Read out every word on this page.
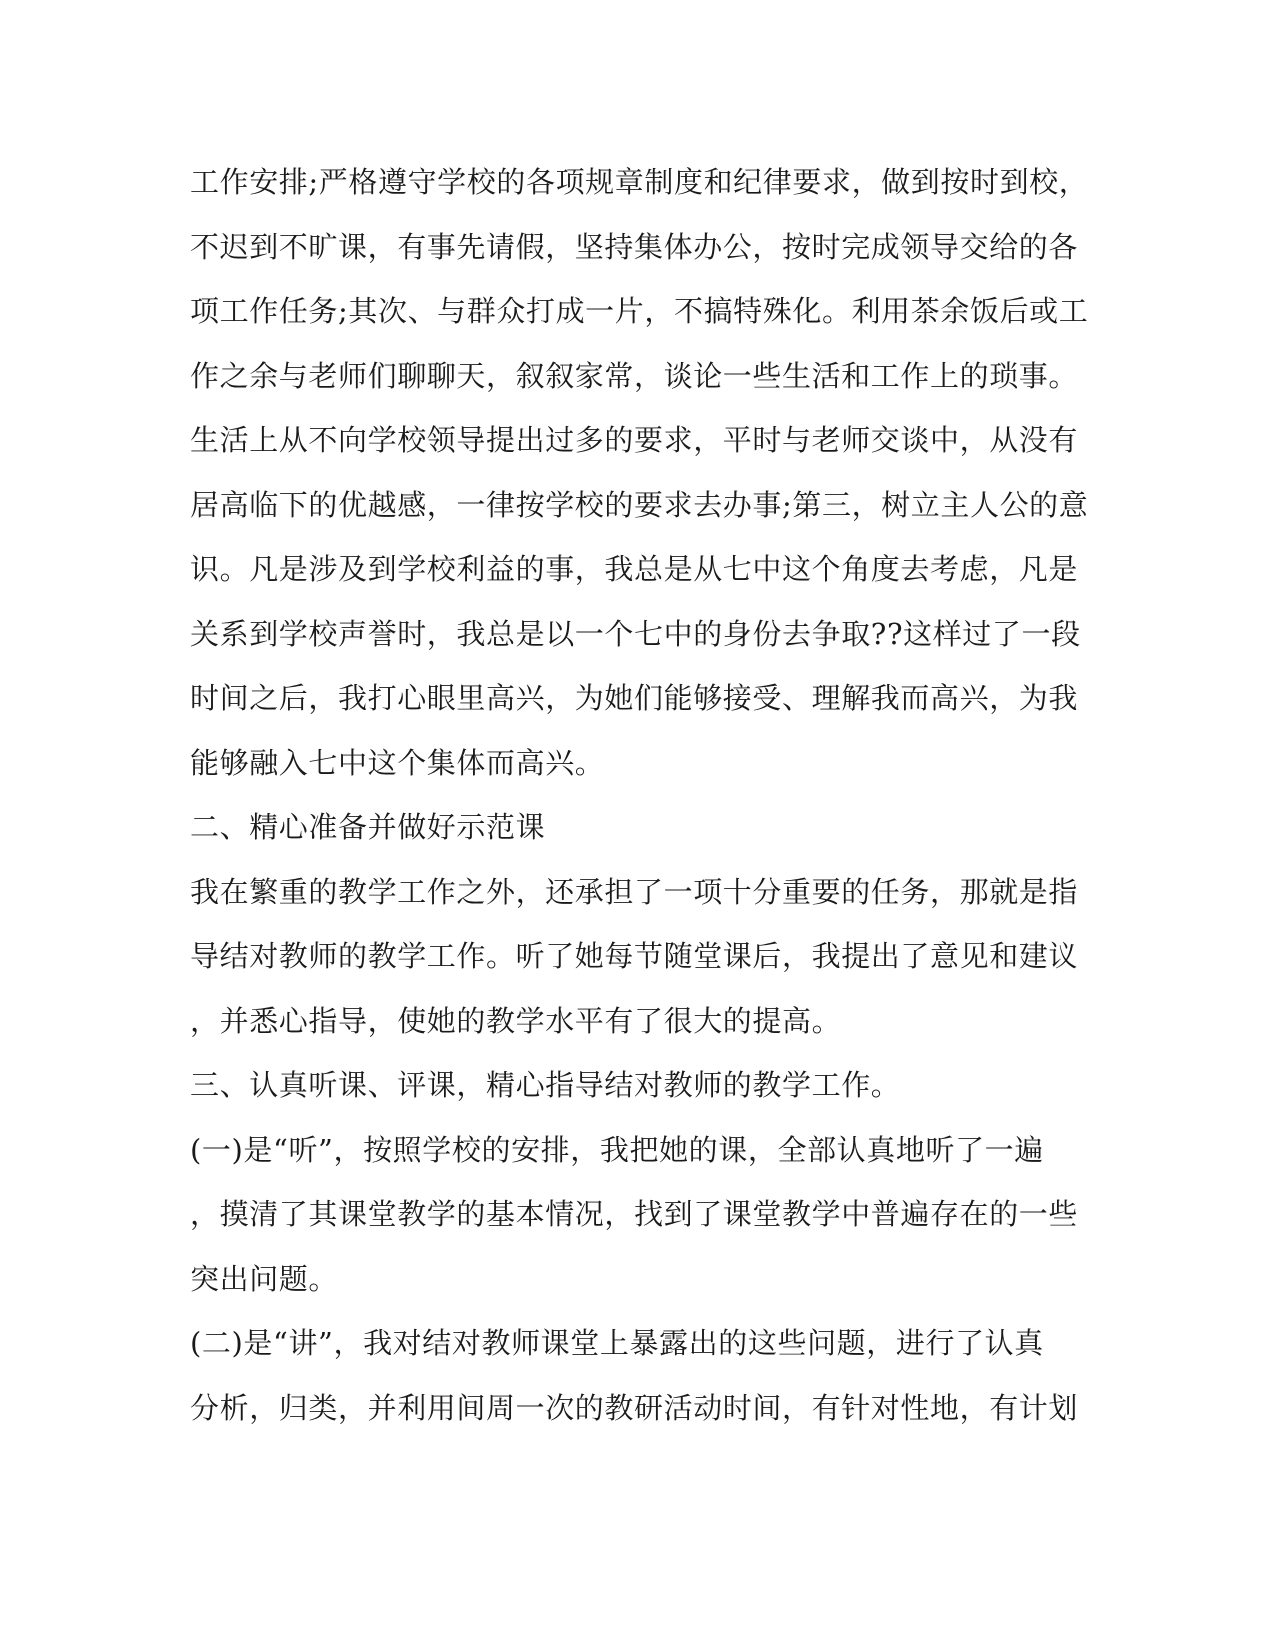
工作安排;严格遵守学校的各项规章制度和纪律要求，做到按时到校，
不迟到不旷课，有事先请假，坚持集体办公，按时完成领导交给的各
项工作任务;其次、与群众打成一片，不搞特殊化。利用茶余饭后或工
作之余与老师们聊聊天，叙叙家常，谈论一些生活和工作上的琐事。
生活上从不向学校领导提出过多的要求，平时与老师交谈中，从没有
居高临下的优越感，一律按学校的要求去办事;第三，树立主人公的意
识。凡是涉及到学校利益的事，我总是从七中这个角度去考虑，凡是
关系到学校声誉时，我总是以一个七中的身份去争取??这样过了一段
时间之后，我打心眼里高兴，为她们能够接受、理解我而高兴，为我
能够融入七中这个集体而高兴。
二、精心准备并做好示范课
我在繁重的教学工作之外，还承担了一项十分重要的任务，那就是指
导结对教师的教学工作。听了她每节随堂课后，我提出了意见和建议
，并悉心指导，使她的教学水平有了很大的提高。
三、认真听课、评课，精心指导结对教师的教学工作。
(一)是“听”，按照学校的安排，我把她的课，全部认真地听了一遍
，摸清了其课堂教学的基本情况，找到了课堂教学中普遍存在的一些
突出问题。
(二)是“讲”，我对结对教师课堂上暴露出的这些问题，进行了认真
分析，归类，并利用间周一次的教研活动时间，有针对性地，有计划
